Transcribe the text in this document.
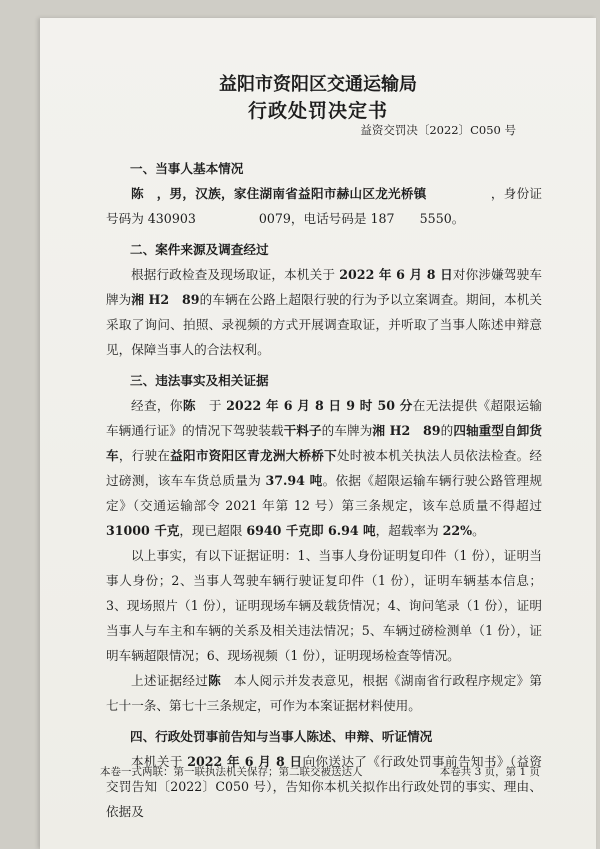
益阳市资阳区交通运输局
行政处罚决定书
益资交罚决〔2022〕C050 号

一、当事人基本情况

陈　，男，汉族，家住湖南省益阳市赫山区龙光桥镇　　　　　，身份证号码为 430903　　　　　0079，电话号码是 187　　5550。

二、案件来源及调查经过

根据行政检查及现场取证，本机关于 2022 年 6 月 8 日对你涉嫌驾驶车牌为湘 H2　89的车辆在公路上超限行驶的行为予以立案调查。期间，本机关采取了询问、拍照、录视频的方式开展调查取证，并听取了当事人陈述申辩意见，保障当事人的合法权利。

三、违法事实及相关证据

经查，你陈　于 2022 年 6 月 8 日 9 时 50 分在无法提供《超限运输车辆通行证》的情况下驾驶装载干料子的车牌为湘 H2　89的四轴重型自卸货车，行驶在益阳市资阳区青龙洲大桥桥下处时被本机关执法人员依法检查。经过磅测，该车车货总质量为 37.94 吨。依据《超限运输车辆行驶公路管理规定》（交通运输部令 2021 年第 12 号）第三条规定，该车总质量不得超过 31000 千克，现已超限 6940 千克即 6.94 吨，超载率为 22%。

以上事实，有以下证据证明：1、当事人身份证明复印件（1 份），证明当事人身份；2、当事人驾驶车辆行驶证复印件（1 份），证明车辆基本信息；3、现场照片（1 份），证明现场车辆及载货情况；4、询问笔录（1 份），证明当事人与车主和车辆的关系及相关违法情况；5、车辆过磅检测单（1 份），证明车辆超限情况；6、现场视频（1 份），证明现场检查等情况。

上述证据经过陈　本人阅示并发表意见，根据《湖南省行政程序规定》第七十一条、第七十三条规定，可作为本案证据材料使用。

四、行政处罚事前告知与当事人陈述、申辩、听证情况

本机关于 2022 年 6 月 8 日向你送达了《行政处罚事前告知书》（益资交罚告知〔2022〕C050 号），告知你本机关拟作出行政处罚的事实、理由、依据及

本卷一式两联：第一联执法机关保存；第二联交被送达人	本卷共 3 页，第 1 页
